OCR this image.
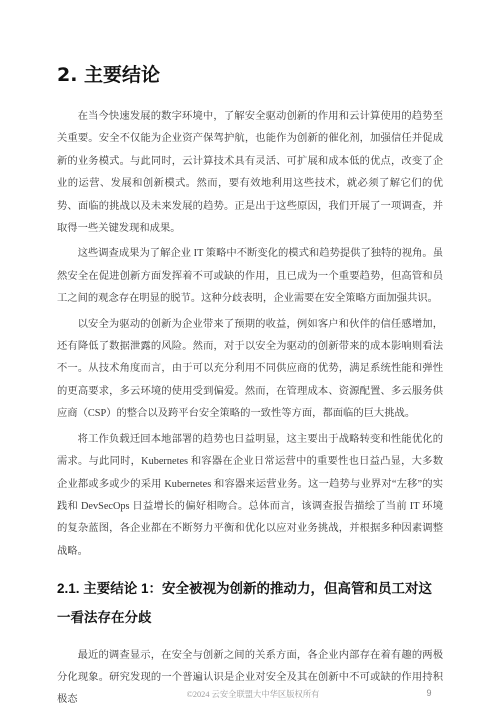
2. 主要结论

在当今快速发展的数字环境中，了解安全驱动创新的作用和云计算使用的趋势至关重要。安全不仅能为企业资产保驾护航，也能作为创新的催化剂，加强信任并促成新的业务模式。与此同时，云计算技术具有灵活、可扩展和成本低的优点，改变了企业的运营、发展和创新模式。然而，要有效地利用这些技术，就必须了解它们的优势、面临的挑战以及未来发展的趋势。正是出于这些原因，我们开展了一项调查，并取得一些关键发现和成果。

这些调查成果为了解企业 IT 策略中不断变化的模式和趋势提供了独特的视角。虽然安全在促进创新方面发挥着不可或缺的作用，且已成为一个重要趋势，但高管和员工之间的观念存在明显的脱节。这种分歧表明，企业需要在安全策略方面加强共识。

以安全为驱动的创新为企业带来了预期的收益，例如客户和伙伴的信任感增加，还有降低了数据泄露的风险。然而，对于以安全为驱动的创新带来的成本影响则看法不一。从技术角度而言，由于可以充分利用不同供应商的优势，满足系统性能和弹性的更高要求，多云环境的使用受到偏爱。然而，在管理成本、资源配置、多云服务供应商（CSP）的整合以及跨平台安全策略的一致性等方面，都面临的巨大挑战。

将工作负载迁回本地部署的趋势也日益明显，这主要出于战略转变和性能优化的需求。与此同时，Kubernetes 和容器在企业日常运营中的重要性也日益凸显，大多数企业都或多或少的采用 Kubernetes 和容器来运营业务。这一趋势与业界对“左移”的实践和 DevSecOps 日益增长的偏好相吻合。总体而言，该调查报告描绘了当前 IT 环境的复杂蓝图，各企业都在不断努力平衡和优化以应对业务挑战，并根据多种因素调整战略。

2.1. 主要结论 1：安全被视为创新的推动力，但高管和员工对这一看法存在分歧

最近的调查显示，在安全与创新之间的关系方面，各企业内部存在着有趣的两极分化现象。研究发现的一个普遍认识是企业对安全及其在创新中不可或缺的作用持积极态	©2024 云安全联盟大中华区版权所有	9
